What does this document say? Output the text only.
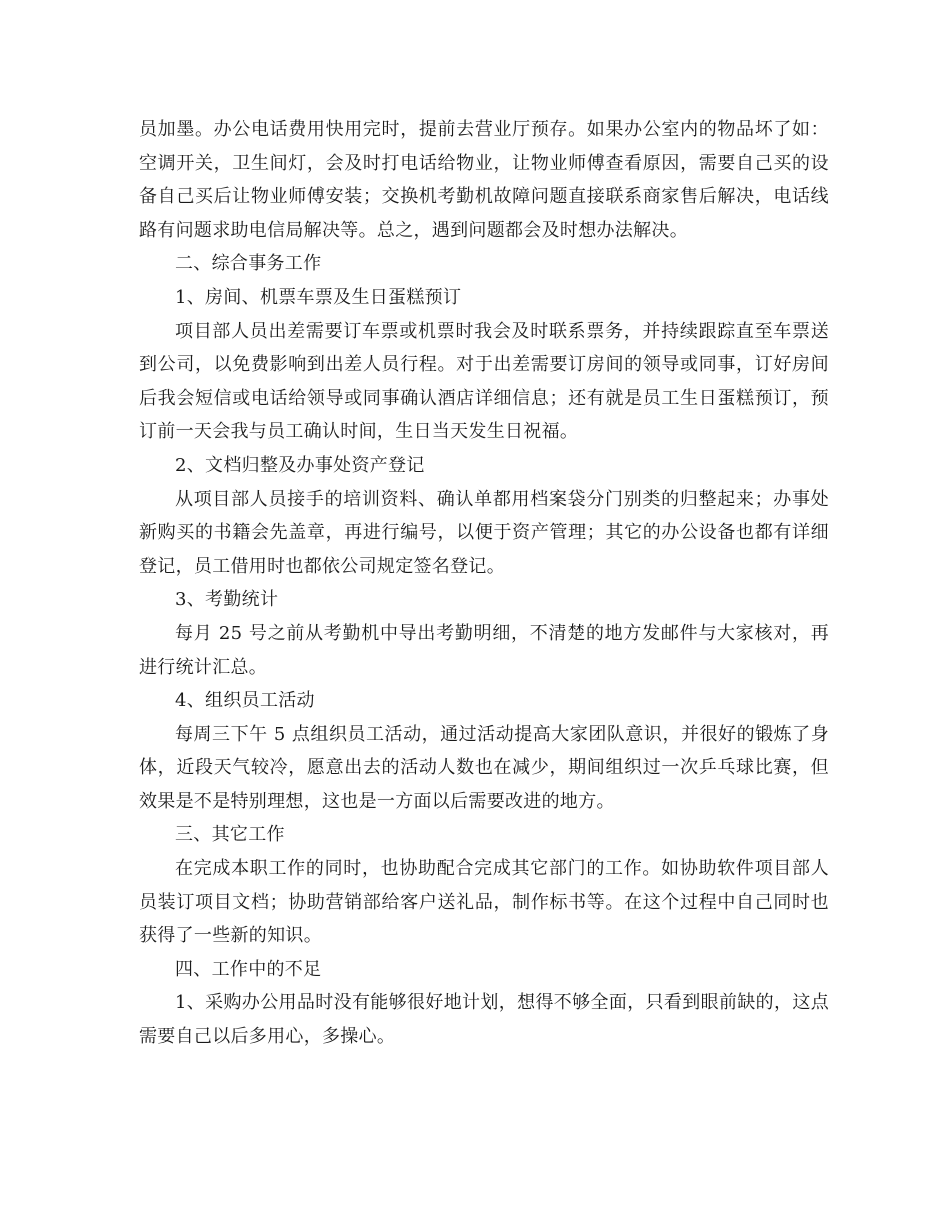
员加墨。办公电话费用快用完时，提前去营业厅预存。如果办公室内的物品坏了如：空调开关，卫生间灯，会及时打电话给物业，让物业师傅查看原因，需要自己买的设备自己买后让物业师傅安装；交换机考勤机故障问题直接联系商家售后解决，电话线路有问题求助电信局解决等。总之，遇到问题都会及时想办法解决。

二、综合事务工作

1、房间、机票车票及生日蛋糕预订

项目部人员出差需要订车票或机票时我会及时联系票务，并持续跟踪直至车票送到公司，以免费影响到出差人员行程。对于出差需要订房间的领导或同事，订好房间后我会短信或电话给领导或同事确认酒店详细信息；还有就是员工生日蛋糕预订，预订前一天会我与员工确认时间，生日当天发生日祝福。

2、文档归整及办事处资产登记

从项目部人员接手的培训资料、确认单都用档案袋分门别类的归整起来；办事处新购买的书籍会先盖章，再进行编号，以便于资产管理；其它的办公设备也都有详细登记，员工借用时也都依公司规定签名登记。

3、考勤统计

每月 25 号之前从考勤机中导出考勤明细，不清楚的地方发邮件与大家核对，再进行统计汇总。

4、组织员工活动

每周三下午 5 点组织员工活动，通过活动提高大家团队意识，并很好的锻炼了身体，近段天气较冷，愿意出去的活动人数也在减少，期间组织过一次乒乓球比赛，但效果是不是特别理想，这也是一方面以后需要改进的地方。

三、其它工作

在完成本职工作的同时，也协助配合完成其它部门的工作。如协助软件项目部人员装订项目文档；协助营销部给客户送礼品，制作标书等。在这个过程中自己同时也获得了一些新的知识。

四、工作中的不足

1、采购办公用品时没有能够很好地计划，想得不够全面，只看到眼前缺的，这点需要自己以后多用心，多操心。
